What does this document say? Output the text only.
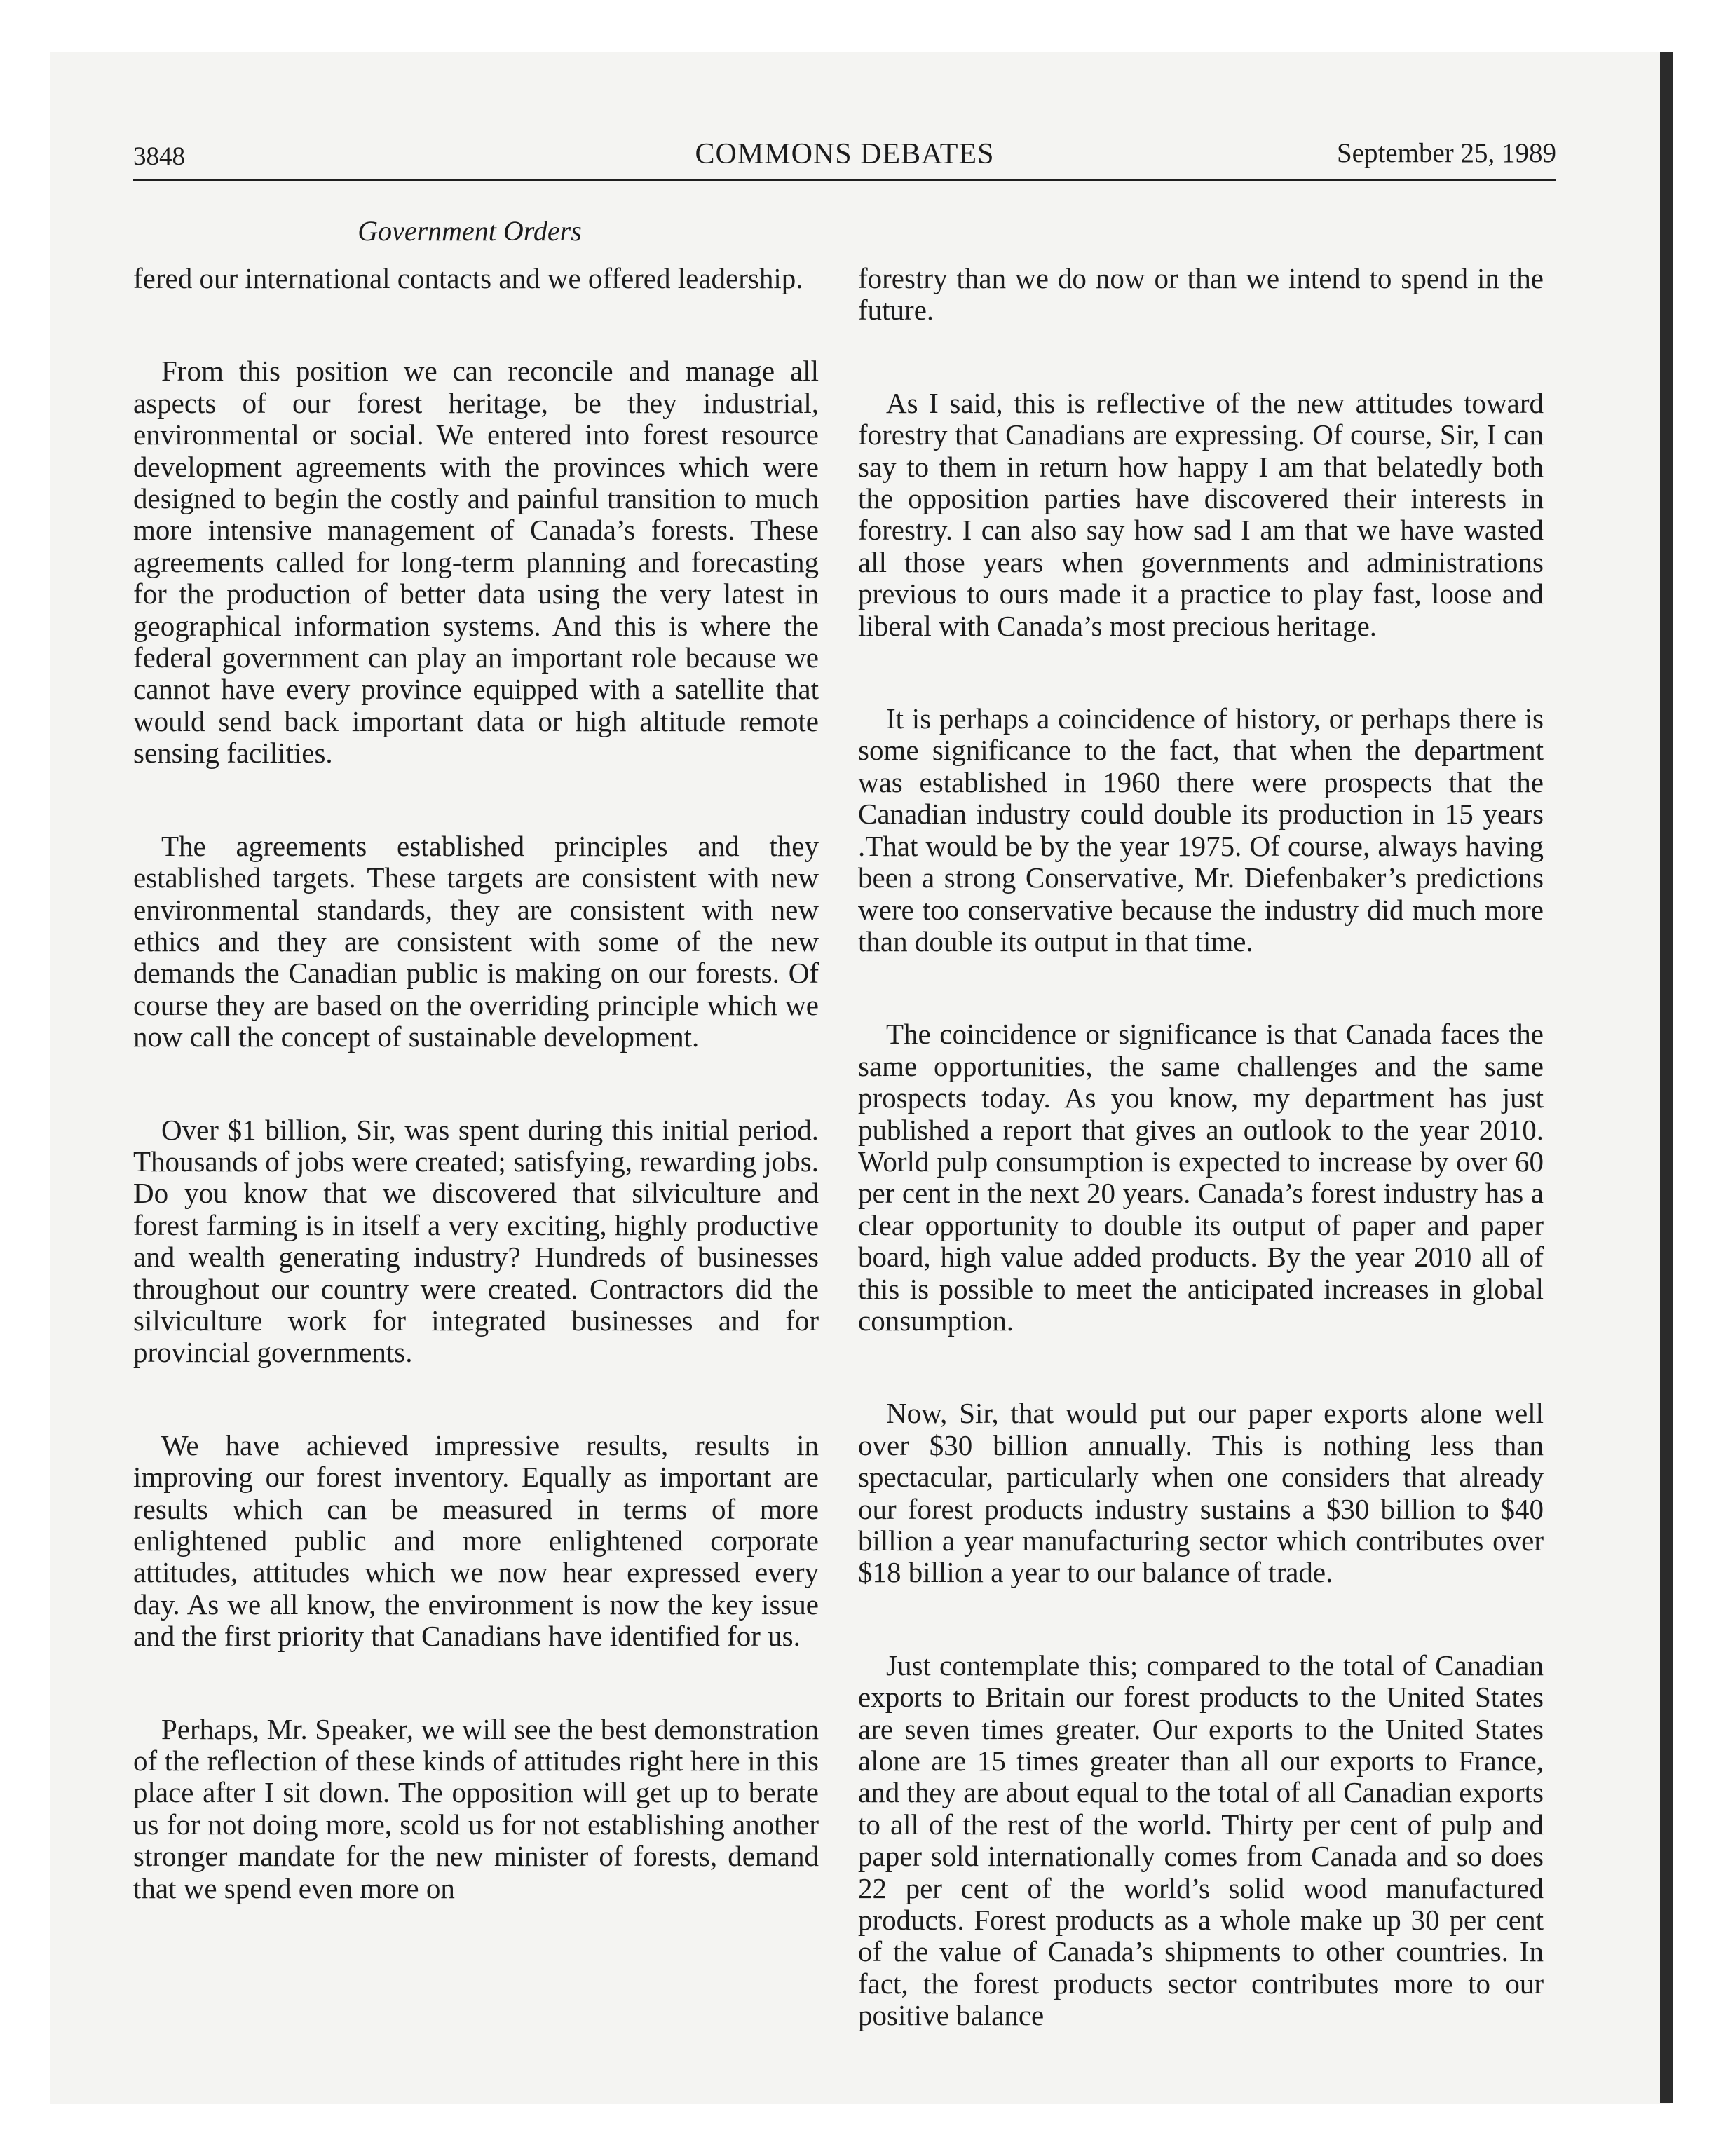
3848	COMMONS DEBATES	September 25, 1989
Government Orders

fered our international contacts and we offered leadership.

From this position we can reconcile and manage all aspects of our forest heritage, be they industrial, environmental or social. We entered into forest resource development agreements with the provinces which were designed to begin the costly and painful transition to much more intensive management of Canada’s forests. These agreements called for long-term planning and forecasting for the production of better data using the very latest in geographical information systems. And this is where the federal government can play an important role because we cannot have every province equipped with a satellite that would send back important data or high altitude remote sensing facilities.

The agreements established principles and they established targets. These targets are consistent with new environmental standards, they are consistent with new ethics and they are consistent with some of the new demands the Canadian public is making on our forests. Of course they are based on the overriding principle which we now call the concept of sustainable development.

Over $1 billion, Sir, was spent during this initial period. Thousands of jobs were created; satisfying, rewarding jobs. Do you know that we discovered that silviculture and forest farming is in itself a very exciting, highly productive and wealth generating industry? Hundreds of businesses throughout our country were created. Contractors did the silviculture work for integrated businesses and for provincial governments.

We have achieved impressive results, results in improving our forest inventory. Equally as important are results which can be measured in terms of more enlightened public and more enlightened corporate attitudes, attitudes which we now hear expressed every day. As we all know, the environment is now the key issue and the first priority that Canadians have identified for us.

Perhaps, Mr. Speaker, we will see the best demonstration of the reflection of these kinds of attitudes right here in this place after I sit down. The opposition will get up to berate us for not doing more, scold us for not establishing another stronger mandate for the new minister of forests, demand that we spend even more on

forestry than we do now or than we intend to spend in the future.

As I said, this is reflective of the new attitudes toward forestry that Canadians are expressing. Of course, Sir, I can say to them in return how happy I am that belatedly both the opposition parties have discovered their interests in forestry. I can also say how sad I am that we have wasted all those years when governments and administrations previous to ours made it a practice to play fast, loose and liberal with Canada’s most precious heritage.

It is perhaps a coincidence of history, or perhaps there is some significance to the fact, that when the department was established in 1960 there were prospects that the Canadian industry could double its production in 15 years .That would be by the year 1975. Of course, always having been a strong Conservative, Mr. Diefenbaker’s predictions were too conservative because the industry did much more than double its output in that time.

The coincidence or significance is that Canada faces the same opportunities, the same challenges and the same prospects today. As you know, my department has just published a report that gives an outlook to the year 2010. World pulp consumption is expected to increase by over 60 per cent in the next 20 years. Canada’s forest industry has a clear opportunity to double its output of paper and paper board, high value added products. By the year 2010 all of this is possible to meet the anticipated increases in global consumption.

Now, Sir, that would put our paper exports alone well over $30 billion annually. This is nothing less than spectacular, particularly when one considers that already our forest products industry sustains a $30 billion to $40 billion a year manufacturing sector which contributes over $18 billion a year to our balance of trade.

Just contemplate this; compared to the total of Canadian exports to Britain our forest products to the United States are seven times greater. Our exports to the United States alone are 15 times greater than all our exports to France, and they are about equal to the total of all Canadian exports to all of the rest of the world. Thirty per cent of pulp and paper sold internationally comes from Canada and so does 22 per cent of the world’s solid wood manufactured products. Forest products as a whole make up 30 per cent of the value of Canada’s shipments to other countries. In fact, the forest products sector contributes more to our positive balance
